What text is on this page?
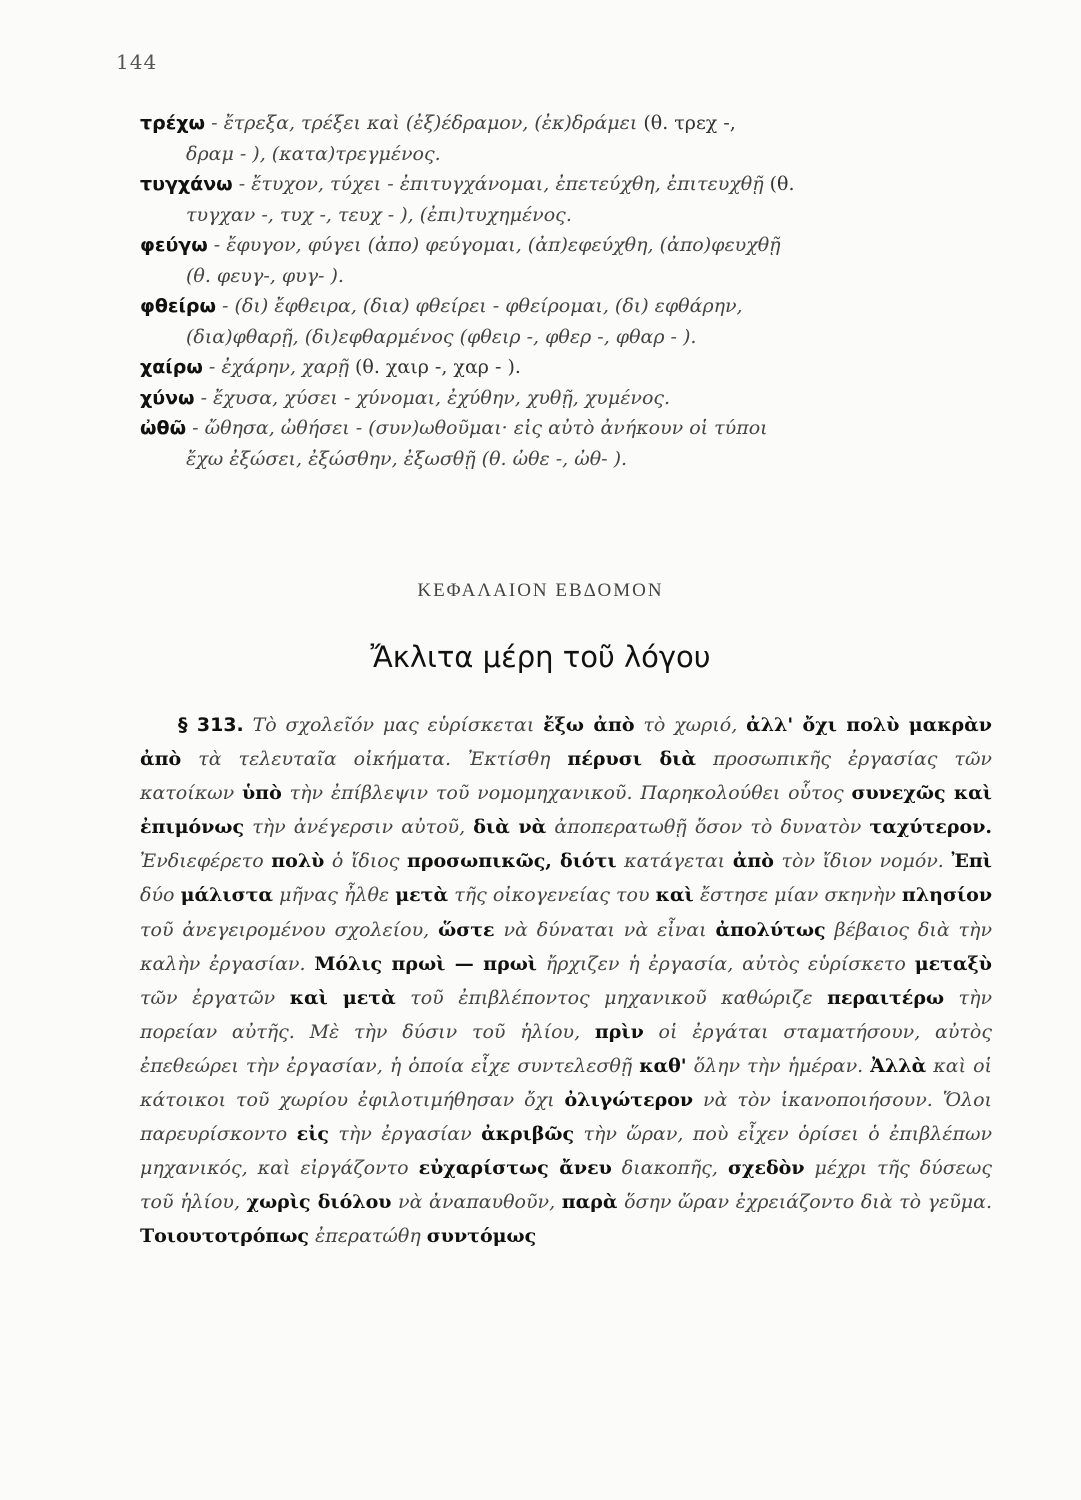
144
τρέχω - ἔτρεξα, τρέξει καὶ (ἐξ)έδραμον, (ἐκ)δράμει (θ. τρεχ -,
δραμ - ), (κατα)τρεγμένος.
τυγχάνω - ἔτυχον, τύχει - ἐπιτυγχάνομαι, ἐπετεύχθη, ἐπιτευχθῇ (θ.
τυγχαν -, τυχ -, τευχ - ), (ἐπι)τυχημένος.
φεύγω - ἔφυγον, φύγει (ἀπο) φεύγομαι, (ἀπ)εφεύχθη, (ἀπο)φευχθῇ
(θ. φευγ-, φυγ- ).
φθείρω - (δι) ἔφθειρα, (δια) φθείρει - φθείρομαι, (δι) εφθάρην,
(δια)φθαρῇ, (δι)εφθαρμένος (φθειρ -, φθερ -, φθαρ - ).
χαίρω - ἐχάρην, χαρῇ (θ. χαιρ -, χαρ - ).
χύνω - ἔχυσα, χύσει - χύνομαι, ἐχύθην, χυθῇ, χυμένος.
ὠθῶ - ὤθησα, ὠθήσει - (συν)ωθοῦμαι· εἰς αὐτὸ ἀνήκουν οἱ τύποι
ἔχω ἐξώσει, ἐξώσθην, ἐξωσθῇ (θ. ὠθε -, ὠθ- ).
ΚΕΦΑΛΑΙΟΝ ΕΒΔΟΜΟΝ
Ἄκλιτα μέρη τοῦ λόγου
§ 313. Τὸ σχολεῖόν μας εὑρίσκεται ἔξω ἀπὸ τὸ χωριό, ἀλλ' ὄχι πολὺ μακρὰν ἀπὸ τὰ τελευταῖα οἰκήματα. Ἐκτίσθη πέρυσι διὰ προσωπικῆς ἐργασίας τῶν κατοίκων ὑπὸ τὴν ἐπίβλεψιν τοῦ νομομηχανικοῦ. Παρηκολούθει οὗτος συνεχῶς καὶ ἐπιμόνως τὴν ἀνέγερσιν αὐτοῦ, διὰ νὰ ἀποπερατωθῇ ὅσον τὸ δυνατὸν ταχύτερον. Ἐνδιεφέρετο πολὺ ὁ ἴδιος προσωπικῶς, διότι κατάγεται ἀπὸ τὸν ἴδιον νομόν. Ἐπὶ δύο μάλιστα μῆνας ἦλθε μετὰ τῆς οἰκογενείας του καὶ ἔστησε μίαν σκηνὴν πλησίον τοῦ ἀνεγειρομένου σχολείου, ὥστε νὰ δύναται νὰ εἶναι ἀπολύτως βέβαιος διὰ τὴν καλὴν ἐργασίαν. Μόλις πρωὶ — πρωὶ ἤρχιζεν ἡ ἐργασία, αὐτὸς εὑρίσκετο μεταξὺ τῶν ἐργατῶν καὶ μετὰ τοῦ ἐπιβλέποντος μηχανικοῦ καθώριζε περαιτέρω τὴν πορείαν αὐτῆς. Μὲ τὴν δύσιν τοῦ ἡλίου, πρὶν οἱ ἐργάται σταματήσουν, αὐτὸς ἐπεθεώρει τὴν ἐργασίαν, ἡ ὁποία εἶχε συντελεσθῇ καθ' ὅλην τὴν ἡμέραν. Ἀλλὰ καὶ οἱ κάτοικοι τοῦ χωρίου ἐφιλοτιμήθησαν ὄχι ὀλιγώτερον νὰ τὸν ἱκανοποιήσουν. Ὅλοι παρευρίσκοντο εἰς τὴν ἐργασίαν ἀκριβῶς τὴν ὥραν, ποὺ εἶχεν ὁρίσει ὁ ἐπιβλέπων μηχανικός, καὶ εἰργάζοντο εὐχαρίστως ἄνευ διακοπῆς, σχεδὸν μέχρι τῆς δύσεως τοῦ ἡλίου, χωρὶς διόλου νὰ ἀναπαυθοῦν, παρὰ ὅσην ὥραν ἐχρειάζοντο διὰ τὸ γεῦμα. Τοιουτοτρόπως ἐπερατώθη συντόμως
